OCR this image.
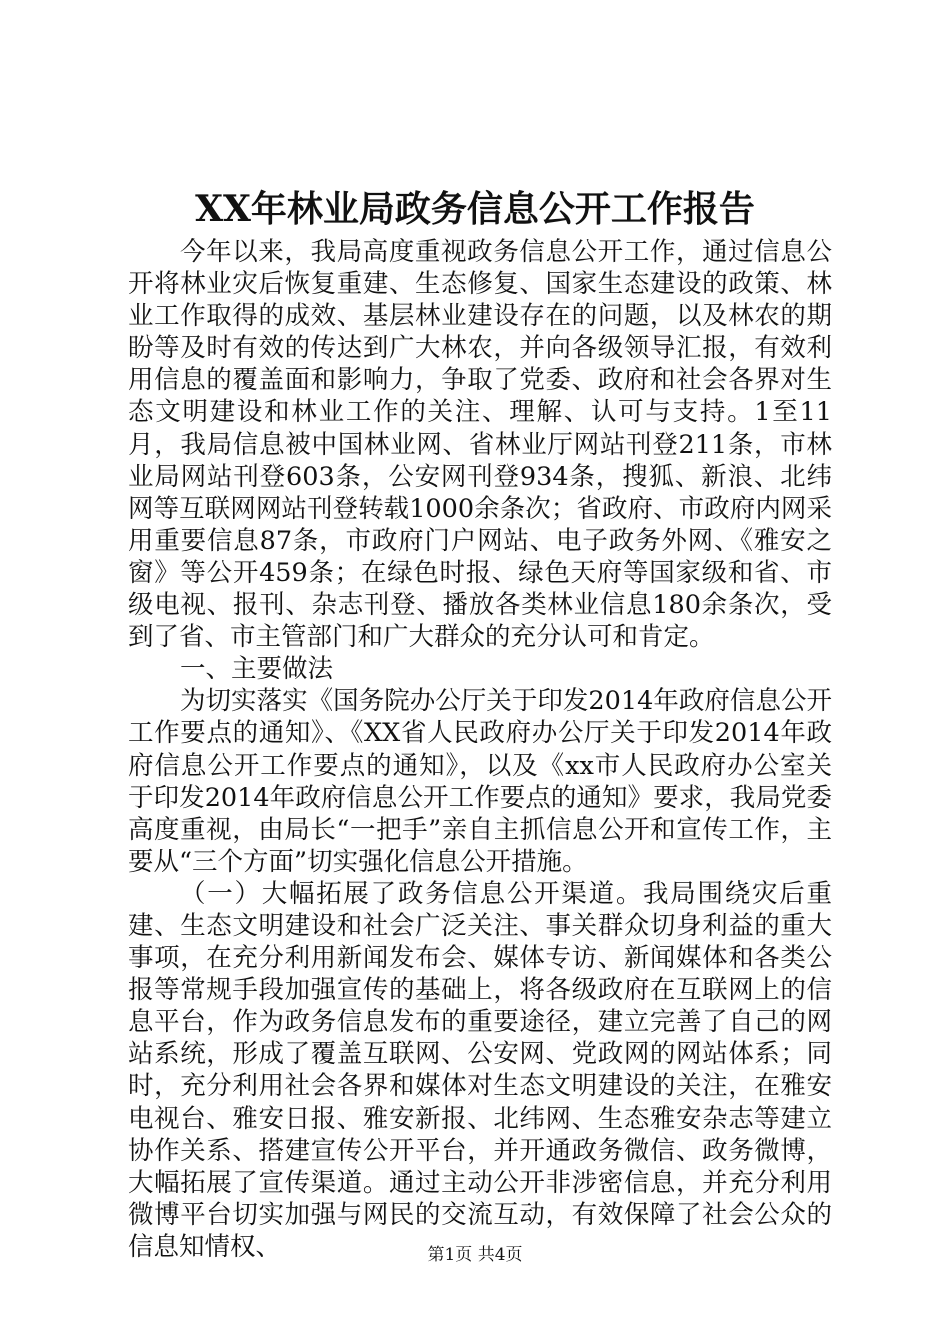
XX年林业局政务信息公开工作报告

今年以来，我局高度重视政务信息公开工作，通过信息公开将林业灾后恢复重建、生态修复、国家生态建设的政策、林业工作取得的成效、基层林业建设存在的问题，以及林农的期盼等及时有效的传达到广大林农，并向各级领导汇报，有效利用信息的覆盖面和影响力，争取了党委、政府和社会各界对生态文明建设和林业工作的关注、理解、认可与支持。1至11月，我局信息被中国林业网、省林业厅网站刊登211条，市林业局网站刊登603条，公安网刊登934条，搜狐、新浪、北纬网等互联网网站刊登转载1000余条次；省政府、市政府内网采用重要信息87条，市政府门户网站、电子政务外网、《雅安之窗》等公开459条；在绿色时报、绿色天府等国家级和省、市级电视、报刊、杂志刊登、播放各类林业信息180余条次，受到了省、市主管部门和广大群众的充分认可和肯定。

一、主要做法

为切实落实《国务院办公厅关于印发2014年政府信息公开工作要点的通知》、《XX省人民政府办公厅关于印发2014年政府信息公开工作要点的通知》，以及《xx市人民政府办公室关于印发2014年政府信息公开工作要点的通知》要求，我局党委高度重视，由局长“一把手”亲自主抓信息公开和宣传工作，主要从“三个方面”切实强化信息公开措施。

（一）大幅拓展了政务信息公开渠道。我局围绕灾后重建、生态文明建设和社会广泛关注、事关群众切身利益的重大事项，在充分利用新闻发布会、媒体专访、新闻媒体和各类公报等常规手段加强宣传的基础上，将各级政府在互联网上的信息平台，作为政务信息发布的重要途径，建立完善了自己的网站系统，形成了覆盖互联网、公安网、党政网的网站体系；同时，充分利用社会各界和媒体对生态文明建设的关注，在雅安电视台、雅安日报、雅安新报、北纬网、生态雅安杂志等建立协作关系、搭建宣传公开平台，并开通政务微信、政务微博，大幅拓展了宣传渠道。通过主动公开非涉密信息，并充分利用微博平台切实加强与网民的交流互动，有效保障了社会公众的信息知情权、	第1页 共4页
